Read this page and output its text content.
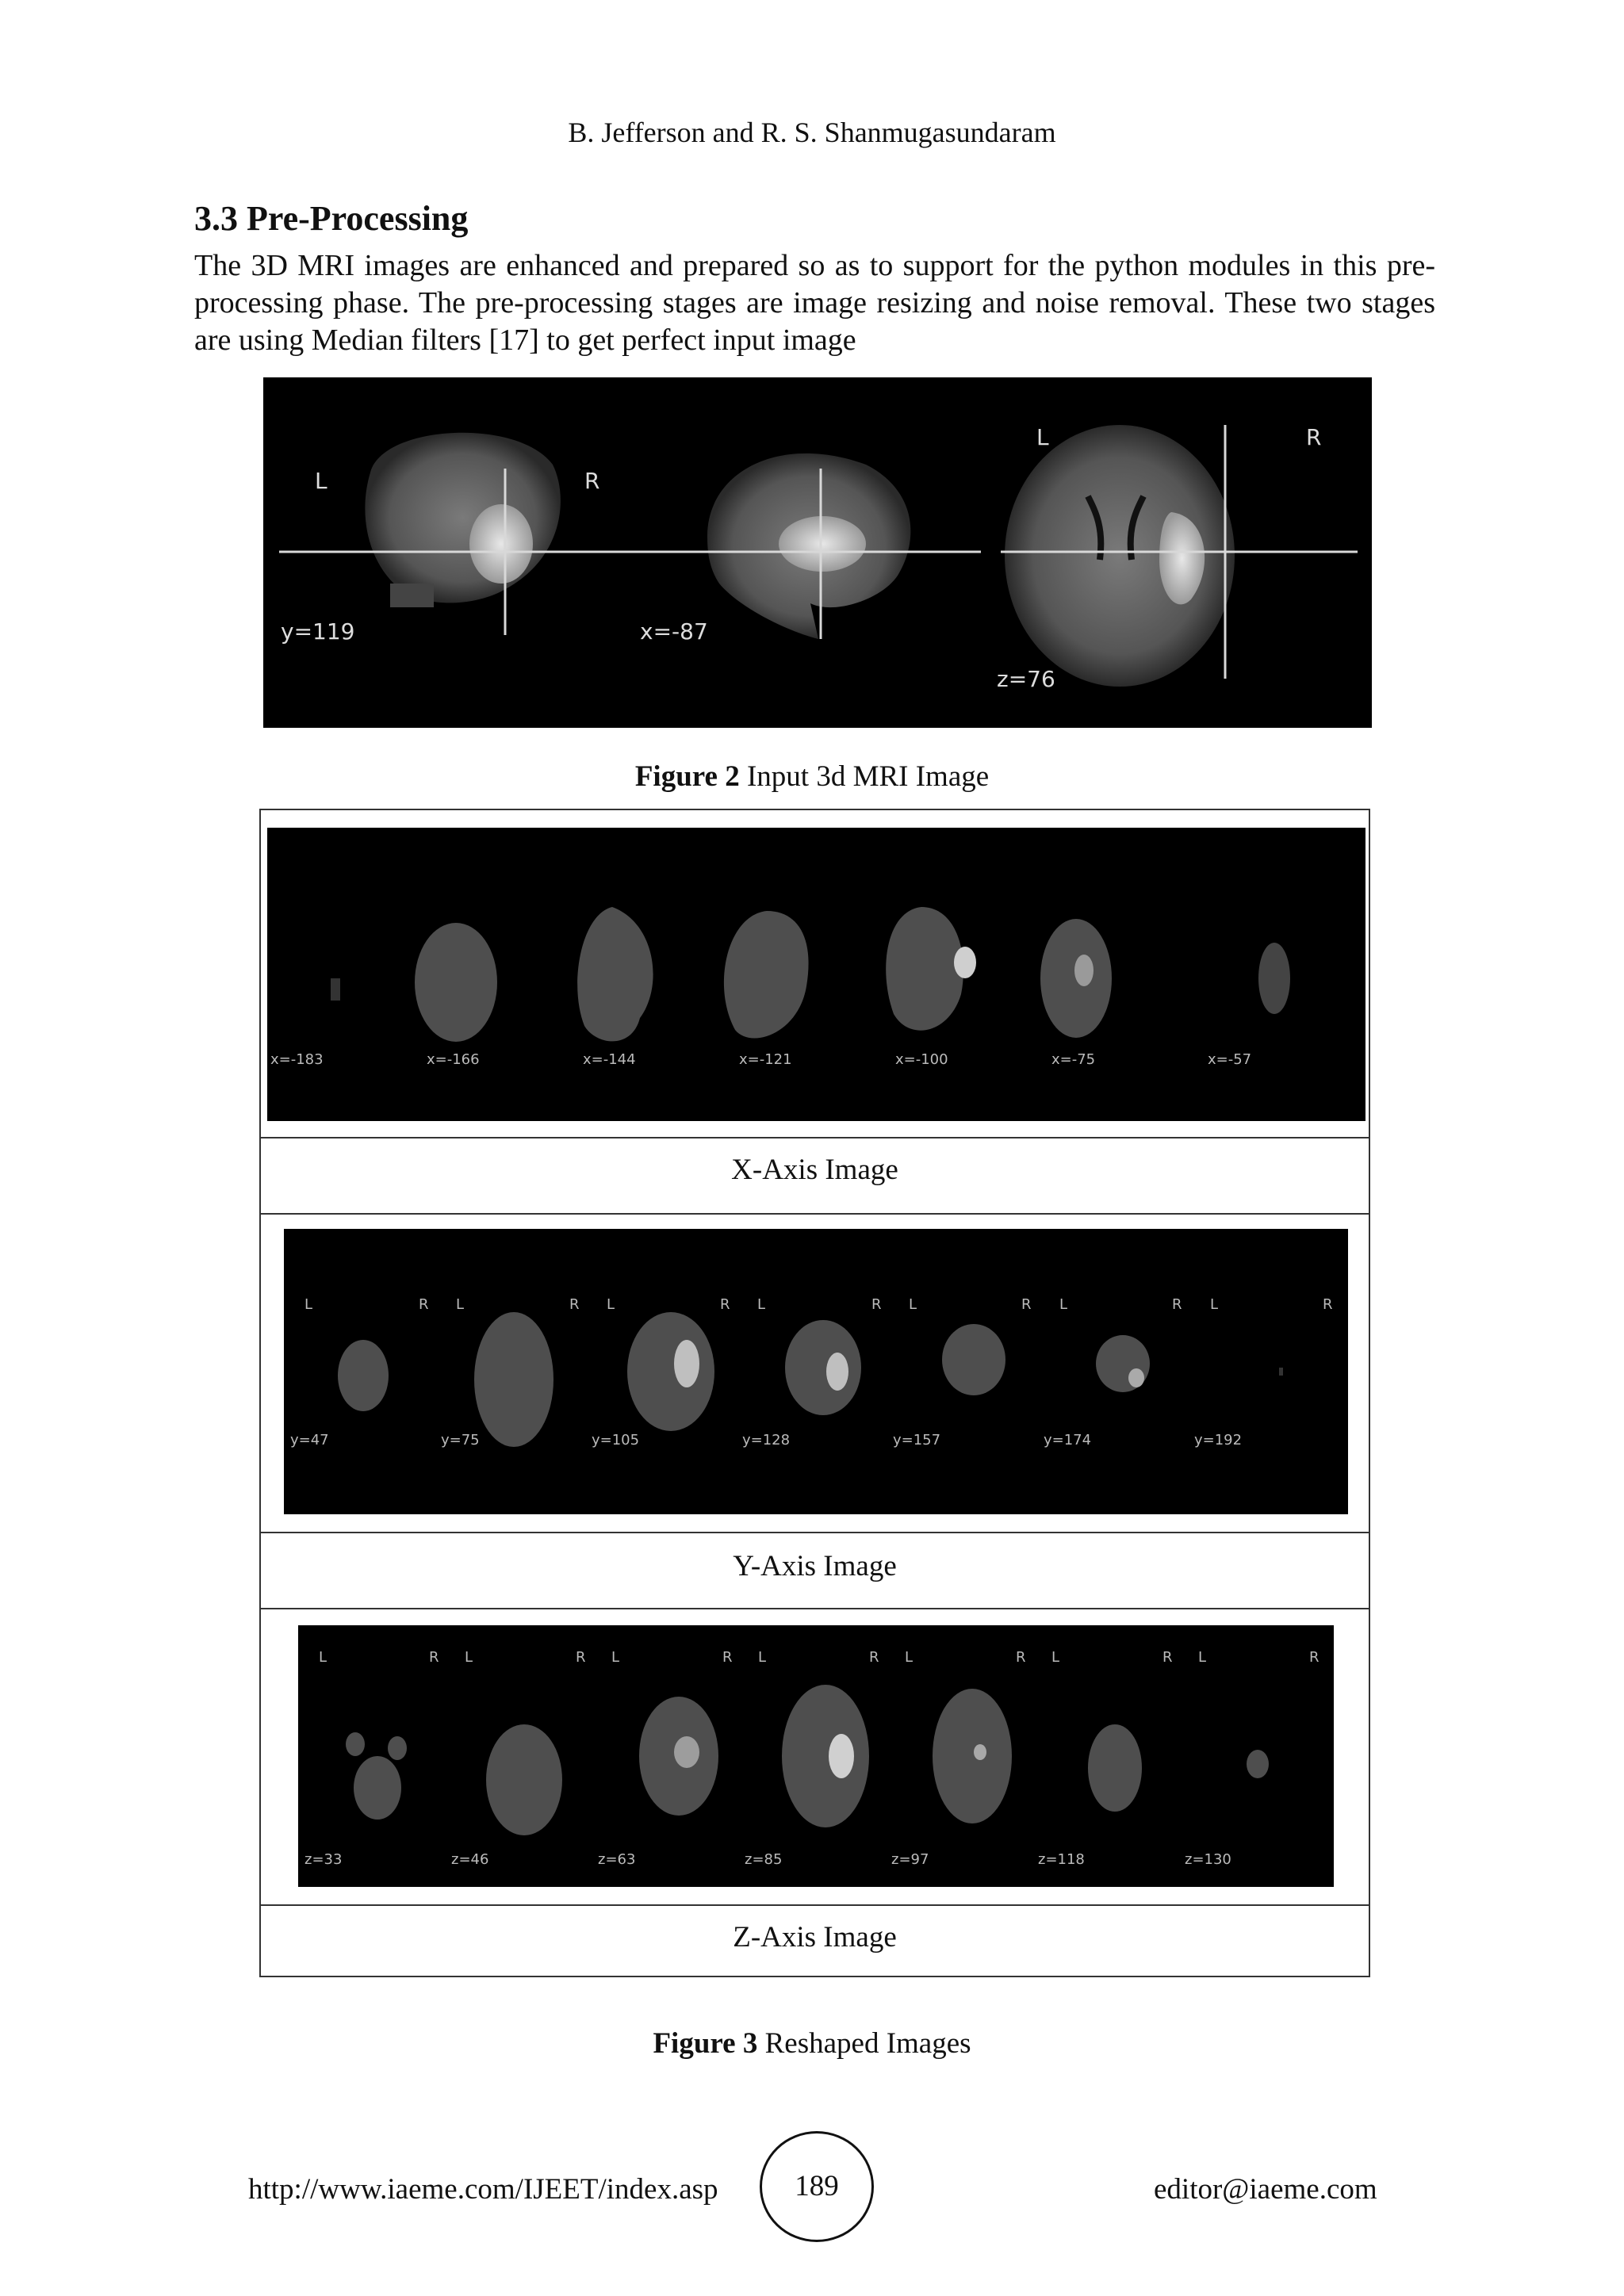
B. Jefferson and R. S. Shanmugasundaram
3.3 Pre-Processing
The 3D MRI images are enhanced and prepared so as to support for the python modules in this pre-processing phase. The pre-processing stages are image resizing and noise removal. These two stages are using Median filters [17] to get perfect input image
L	R
y=119	x=-87
L	R
z=76
Figure 2 Input 3d MRI Image
x=-183	x=-166	x=-144	x=-121	x=-100	x=-75	x=-57
X-Axis Image
L	R L	R L	R L	R L	R L	R L	R
y=47	y=75	y=105	y=128	y=157	y=174	y=192
Y-Axis Image
L	R L	R L	R L	R L	R L	R L	R
z=33	z=46	z=63	z=85	z=97	z=118	z=130
Z-Axis Image
Figure 3 Reshaped Images
http://www.iaeme.com/IJEET/index.asp	189	editor@iaeme.com
